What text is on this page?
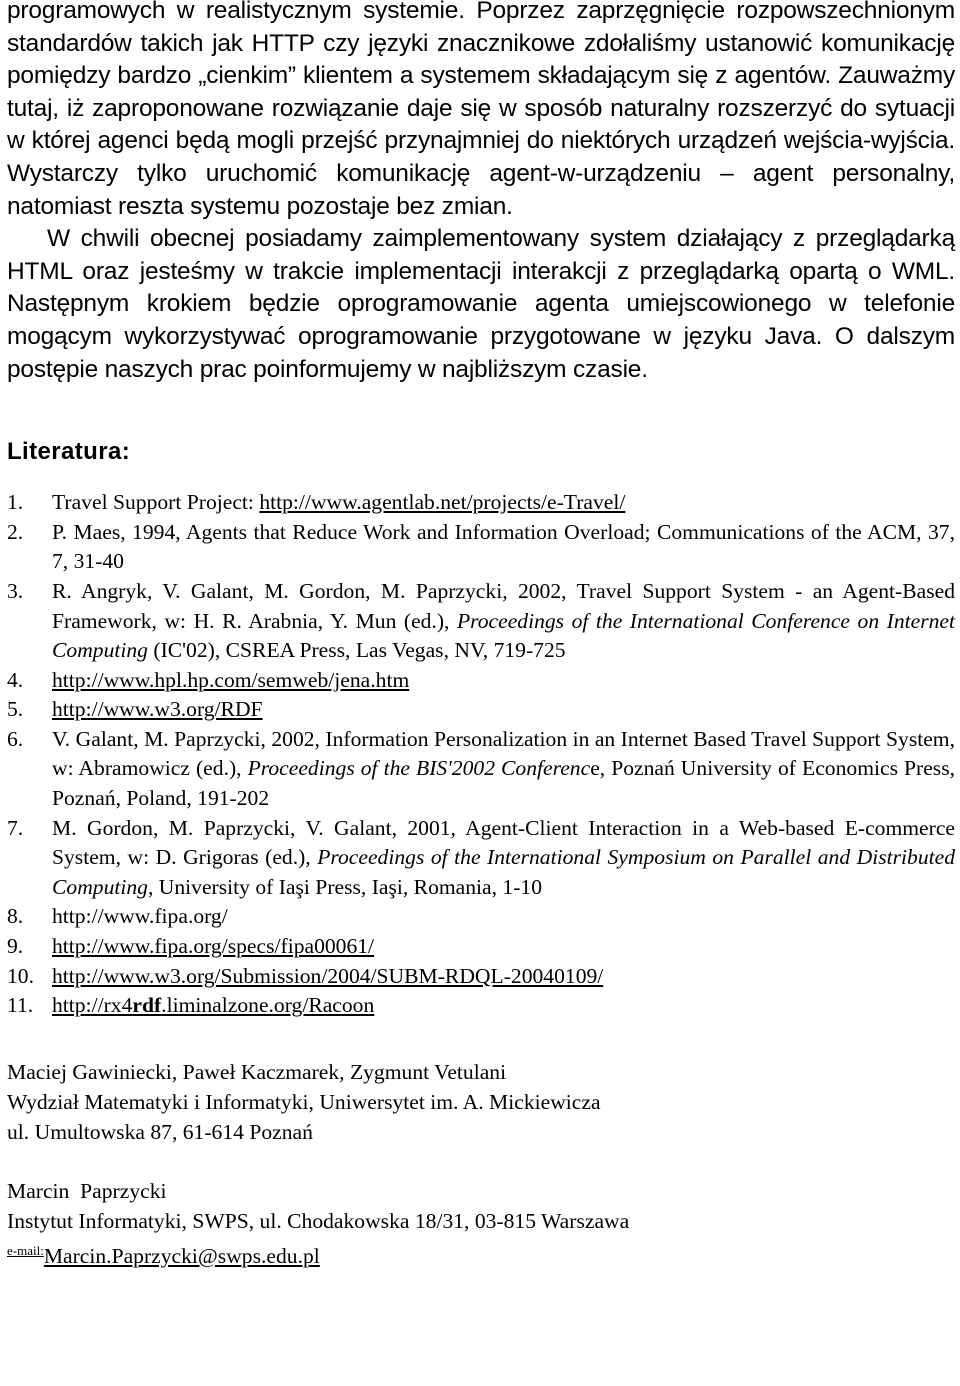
programowych w realistycznym systemie. Poprzez zaprzęgnięcie rozpowszechnionym standardów takich jak HTTP czy języki znacznikowe zdołaliśmy ustanowić komunikację pomiędzy bardzo „cienkim” klientem a systemem składającym się z agentów. Zauważmy tutaj, iż zaproponowane rozwiązanie daje się w sposób naturalny rozszerzyć do sytuacji w której agenci będą mogli przejść przynajmniej do niektórych urządzeń wejścia-wyjścia. Wystarczy tylko uruchomić komunikację agent-w-urządzeniu – agent personalny, natomiast reszta systemu pozostaje bez zmian.

W chwili obecnej posiadamy zaimplementowany system działający z przeglądarką HTML oraz jesteśmy w trakcie implementacji interakcji z przeglądarką opartą o WML. Następnym krokiem będzie oprogramowanie agenta umiejscowionego w telefonie mogącym wykorzystywać oprogramowanie przygotowane w języku Java. O dalszym postępie naszych prac poinformujemy w najbliższym czasie.

Literatura:
1. Travel Support Project: http://www.agentlab.net/projects/e-Travel/
2. P. Maes, 1994, Agents that Reduce Work and Information Overload; Communications of the ACM, 37, 7, 31-40
3. R. Angryk, V. Galant, M. Gordon, M. Paprzycki, 2002, Travel Support System - an Agent-Based Framework, w: H. R. Arabnia, Y. Mun (ed.), Proceedings of the International Conference on Internet Computing (IC'02), CSREA Press, Las Vegas, NV, 719-725
4. http://www.hpl.hp.com/semweb/jena.htm
5. http://www.w3.org/RDF
6. V. Galant, M. Paprzycki, 2002, Information Personalization in an Internet Based Travel Support System, w: Abramowicz (ed.), Proceedings of the BIS'2002 Conference, Poznań University of Economics Press, Poznań, Poland, 191-202
7. M. Gordon, M. Paprzycki, V. Galant, 2001, Agent-Client Interaction in a Web-based E-commerce System, w: D. Grigoras (ed.), Proceedings of the International Symposium on Parallel and Distributed Computing, University of Iaşi Press, Iaşi, Romania, 1-10
8. http://www.fipa.org/
9. http://www.fipa.org/specs/fipa00061/
10. http://www.w3.org/Submission/2004/SUBM-RDQL-20040109/
11. http://rx4rdf.liminalzone.org/Racoon
Maciej Gawiniecki, Paweł Kaczmarek, Zygmunt Vetulani
Wydział Matematyki i Informatyki, Uniwersytet im. A. Mickiewicza
ul. Umultowska 87, 61-614 Poznań
Marcin  Paprzycki
Instytut Informatyki, SWPS, ul. Chodakowska 18/31, 03-815 Warszawa
$^{e-mail:}$Marcin.Paprzycki@swps.edu.pl
